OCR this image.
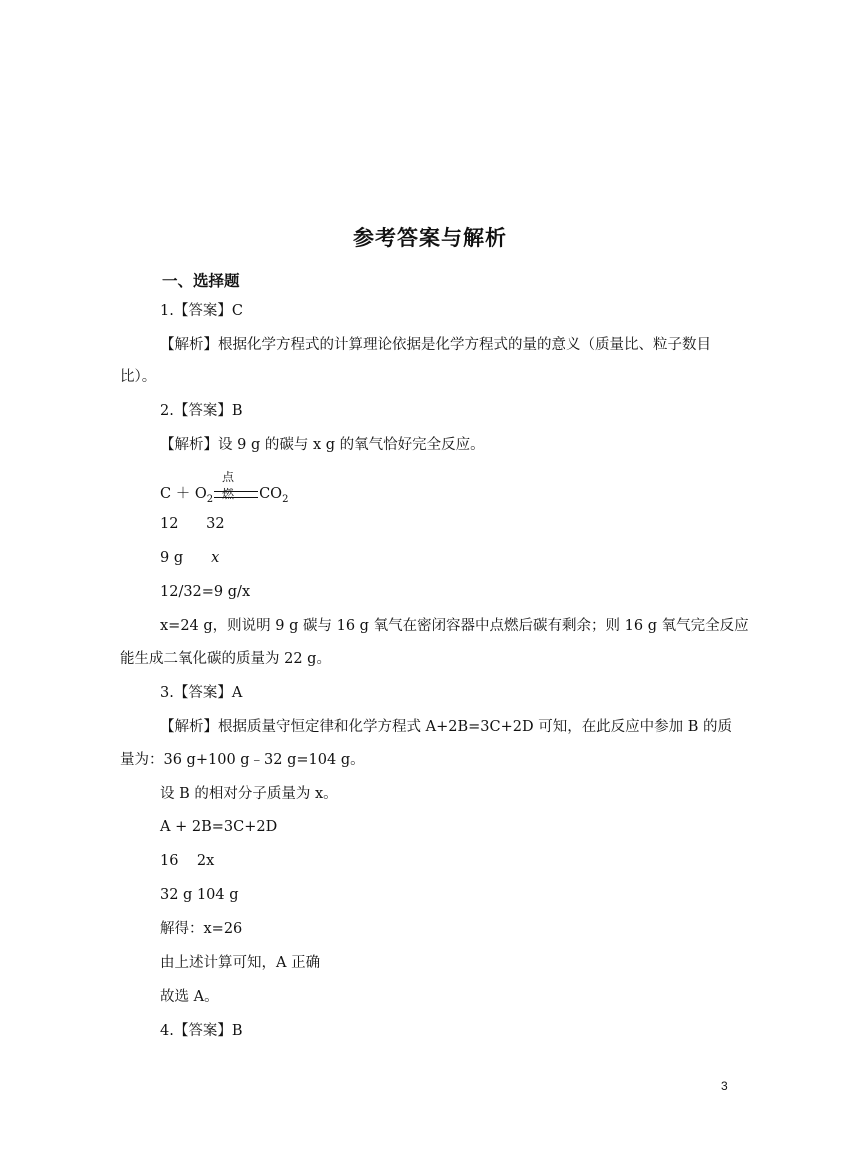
参考答案与解析
一、选择题
1.【答案】C
【解析】根据化学方程式的计算理论依据是化学方程式的量的意义（质量比、粒子数目
比）。
2.【答案】B
【解析】设 9 g 的碳与 x g 的氧气恰好完全反应。
点燃
$C + O_2$	$CO_2$
12      32
9 g x
12/32=9 g/x
x=24 g，则说明 9 g 碳与 16 g 氧气在密闭容器中点燃后碳有剩余；则 16 g 氧气完全反应
能生成二氧化碳的质量为 22 g。
3.【答案】A
【解析】根据质量守恒定律和化学方程式 A+2B=3C+2D 可知，在此反应中参加 B 的质
量为：36 g+100 g﹣32 g=104 g。
设 B 的相对分子质量为 x。
A + 2B=3C+2D
16    2x
32 g 104 g
解得：x=26
由上述计算可知，A 正确
故选 A。
4.【答案】B
3
